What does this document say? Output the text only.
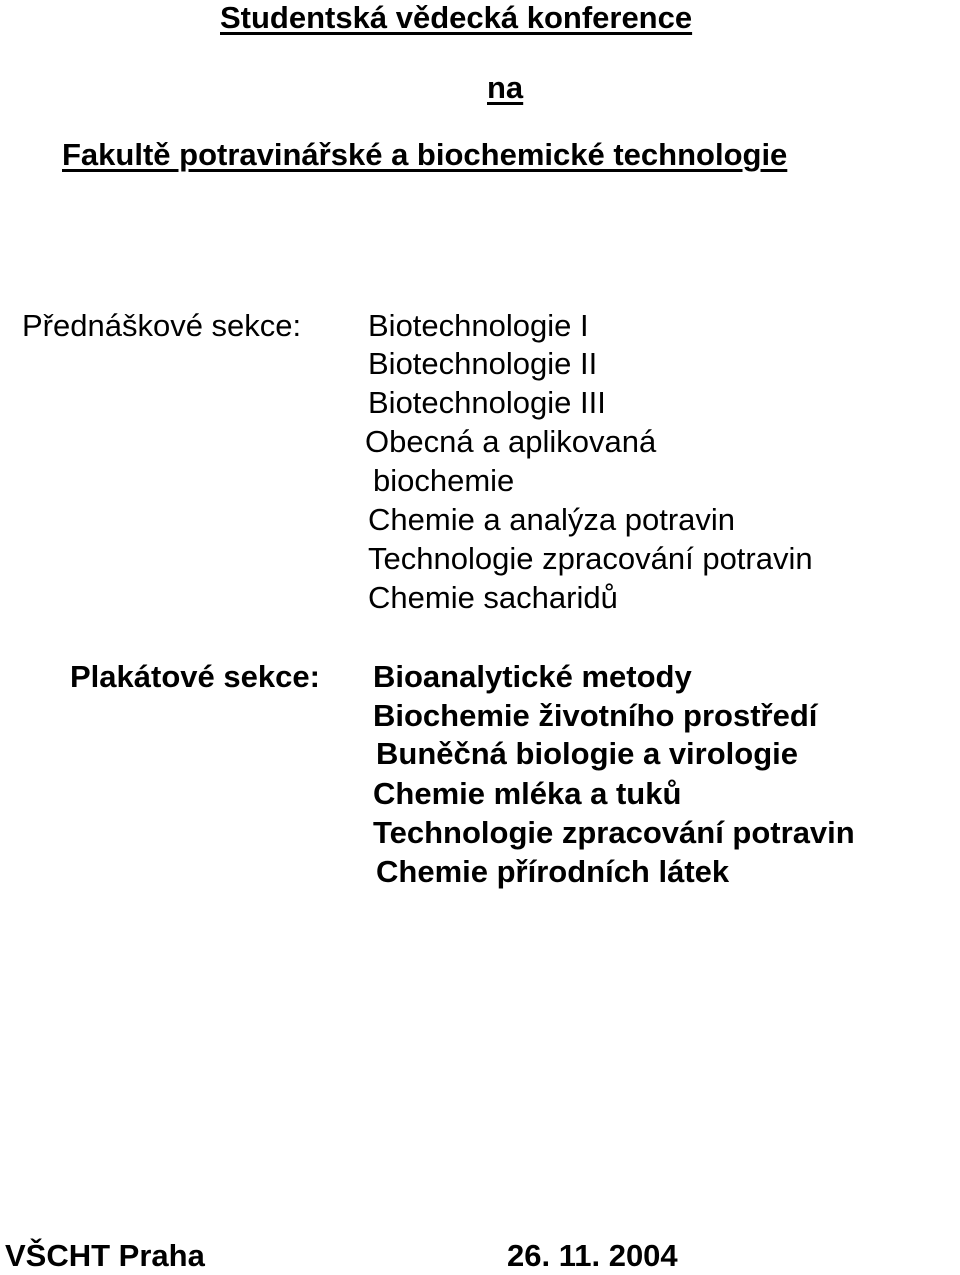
Studentská vědecká konference
na
Fakultě potravinářské a biochemické technologie
Přednáškové sekce: Biotechnologie I
Biotechnologie II
Biotechnologie III
Obecná a aplikovaná
biochemie
Chemie a analýza potravin
Technologie zpracování potravin
Chemie sacharidů
Plakátové sekce: Bioanalytické metody
Biochemie životního prostředí
Buněčná biologie a virologie
Chemie mléka a tuků
Technologie zpracování potravin
Chemie přírodních látek
VŠCHT Praha	26. 11. 2004
